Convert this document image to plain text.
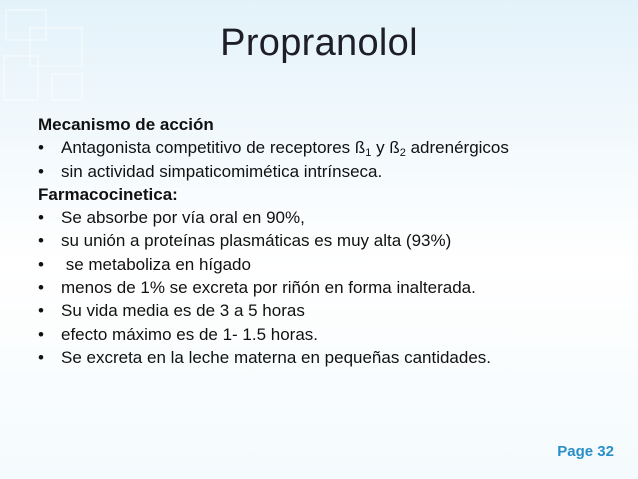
Propranolol
Mecanismo de acción
•	Antagonista competitivo de receptores $ß_1$ y $ß_2$ adrenérgicos
•	sin actividad simpaticomimética intrínseca.
Farmacocinetica:
•	Se absorbe por vía oral en 90%,
•	su unión a proteínas plasmáticas es muy alta (93%)
•	se metaboliza en hígado
•	menos de 1% se excreta por riñón en forma inalterada.
•	Su vida media es de 3 a 5 horas
•	efecto máximo es de 1- 1.5 horas.
•	Se excreta en la leche materna en pequeñas cantidades.
Page 32
